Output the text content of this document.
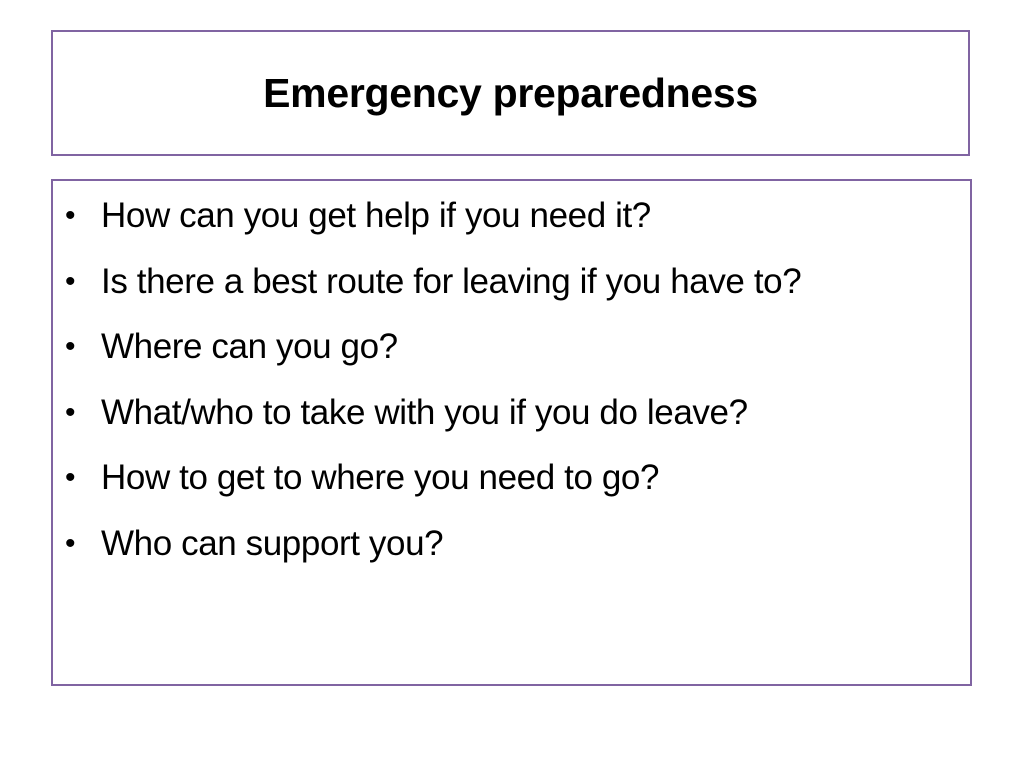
Emergency preparedness
• How can you get help if you need it?
• Is there a best route for leaving if you have to?
• Where can you go?
• What/who to take with you if you do leave?
• How to get to where you need to go?
• Who can support you?
